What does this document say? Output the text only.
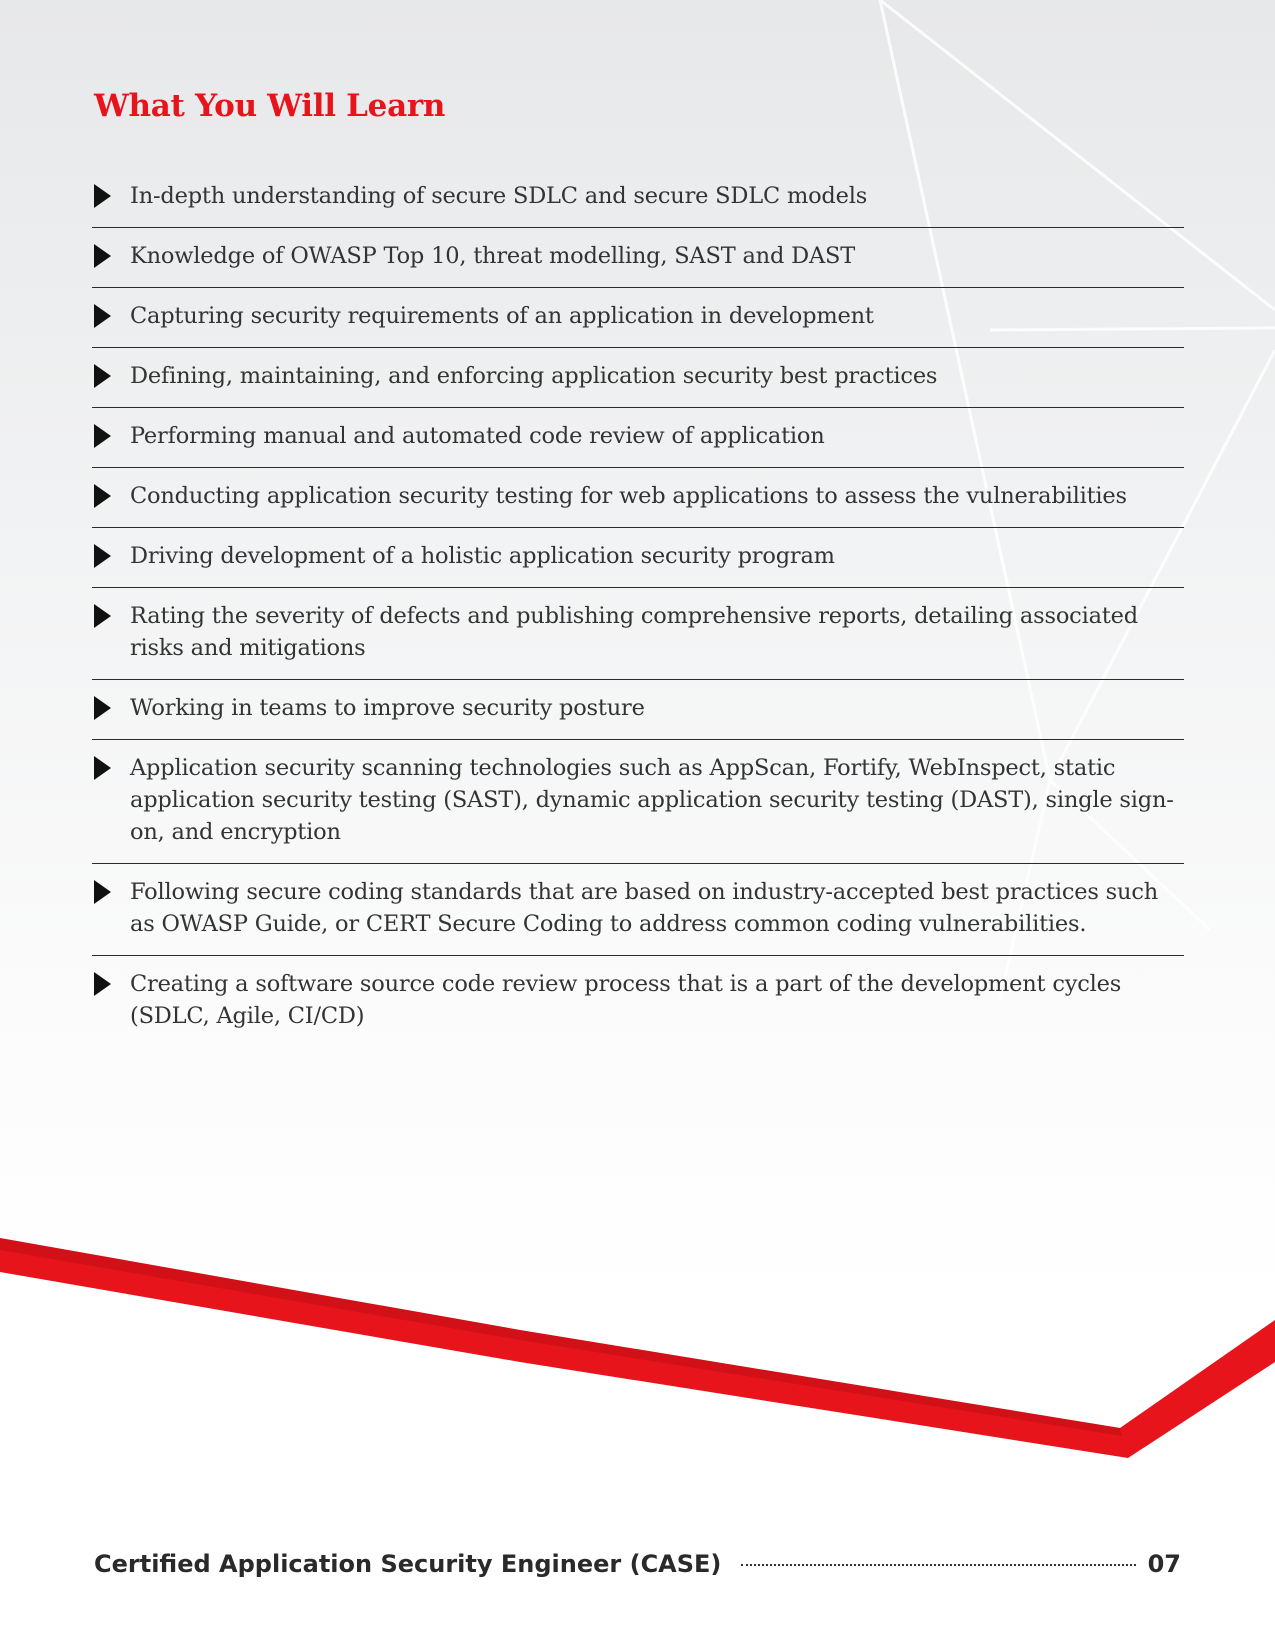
What You Will Learn
In-depth understanding of secure SDLC and secure SDLC models
Knowledge of OWASP Top 10, threat modelling, SAST and DAST
Capturing security requirements of an application in development
Defining, maintaining, and enforcing application security best practices
Performing manual and automated code review of application
Conducting application security testing for web applications to assess the vulnerabilities
Driving development of a holistic application security program
Rating the severity of defects and publishing comprehensive reports, detailing associated risks and mitigations
Working in teams to improve security posture
Application security scanning technologies such as AppScan, Fortify, WebInspect, static application security testing (SAST), dynamic application security testing (DAST), single sign-on, and encryption
Following secure coding standards that are based on industry-accepted best practices such as OWASP Guide, or CERT Secure Coding to address common coding vulnerabilities.
Creating a software source code review process that is a part of the development cycles (SDLC, Agile, CI/CD)
Certified Application Security Engineer (CASE)	07
